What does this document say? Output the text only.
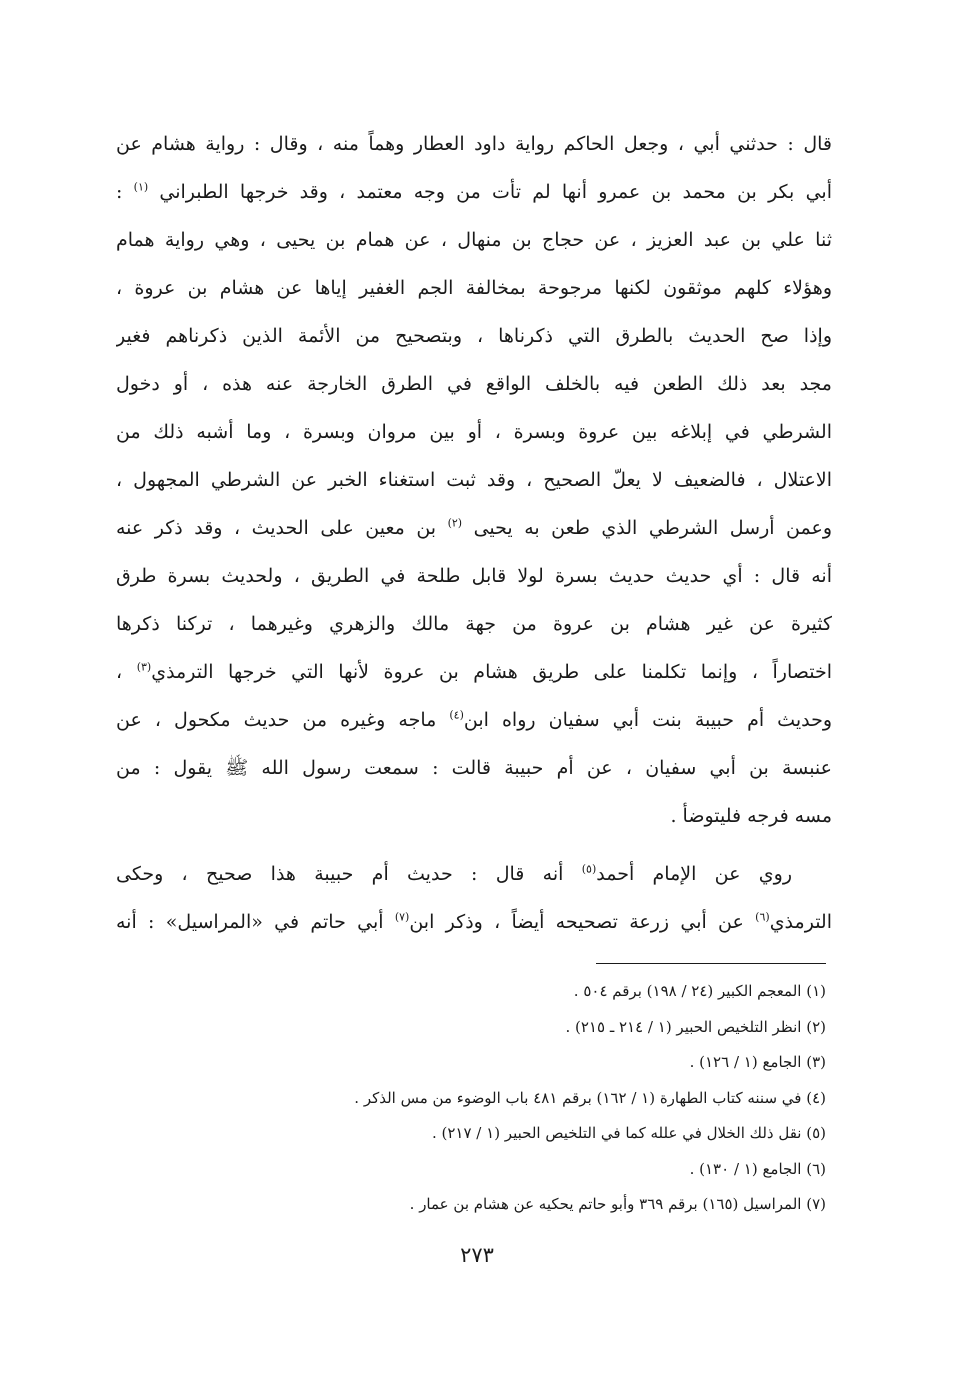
قال : حدثني أبي ، وجعل الحاكم رواية داود العطار وهماً منه ، وقال : رواية هشام عن
أبي بكر بن محمد بن عمرو أنها لم تأت من وجه معتمد ، وقد خرجها الطبراني $^{(١)}$ :
ثنا علي بن عبد العزيز ، عن حجاج بن منهال ، عن همام بن يحيى ، وهي رواية همام
وهؤلاء كلهم موثقون لكنها مرجوحة بمخالفة الجم الغفير إياها عن هشام بن عروة ،
وإذا صح الحديث بالطرق التي ذكرناها ، وبتصحيح من الأئمة الذين ذكرناهم فغير
مجد بعد ذلك الطعن فيه بالخلف الواقع في الطرق الخارجة عنه هذه ، أو دخول
الشرطي في إبلاغه بين عروة وبسرة ، أو بين مروان وبسرة ، وما أشبه ذلك من
الاعتلال ، فالضعيف لا يعلّ الصحيح ، وقد ثبت استغناء الخبر عن الشرطي المجهول ،
وعمن أرسل الشرطي الذي طعن به يحيى $^{(٢)}$ بن معين على الحديث ، وقد ذكر عنه
أنه قال : أي حديث حديث بسرة لولا قابل طلحة في الطريق ، ولحديث بسرة طرق
كثيرة عن غير هشام بن عروة من جهة مالك والزهري وغيرهما ، تركنا ذكرها
اختصاراً ، وإنما تكلمنا على طريق هشام بن عروة لأنها التي خرجها الترمذي$^{(٣)}$ ،
وحديث أم حبيبة بنت أبي سفيان رواه ابن$^{(٤)}$ ماجه وغيره من حديث مكحول ، عن
عنبسة بن أبي سفيان ، عن أم حبيبة قالت : سمعت رسول الله ﷺ يقول : من
مسه فرجه فليتوضأ .
روي عن الإمام أحمد$^{(٥)}$ أنه قال : حديث أم حبيبة هذا صحيح ، وحكى
الترمذي$^{(٦)}$ عن أبي زرعة تصحيحه أيضاً ، وذكر ابن$^{(٧)}$ أبي حاتم في «المراسيل» : أنه
(١) المعجم الكبير (٢٤ / ١٩٨) برقم ٥٠٤ .
(٢) انظر التلخيص الحبير (١ / ٢١٤ ـ ٢١٥) .
(٣) الجامع (١ / ١٢٦) .
(٤) في سننه كتاب الطهارة (١ / ١٦٢) برقم ٤٨١ باب الوضوء من مس الذكر .
(٥) نقل ذلك الخلال في علله كما في التلخيص الحبير (١ / ٢١٧) .
(٦) الجامع (١ / ١٣٠) .
(٧) المراسيل (١٦٥) برقم ٣٦٩ وأبو حاتم يحكيه عن هشام بن عمار .
٢٧٣
